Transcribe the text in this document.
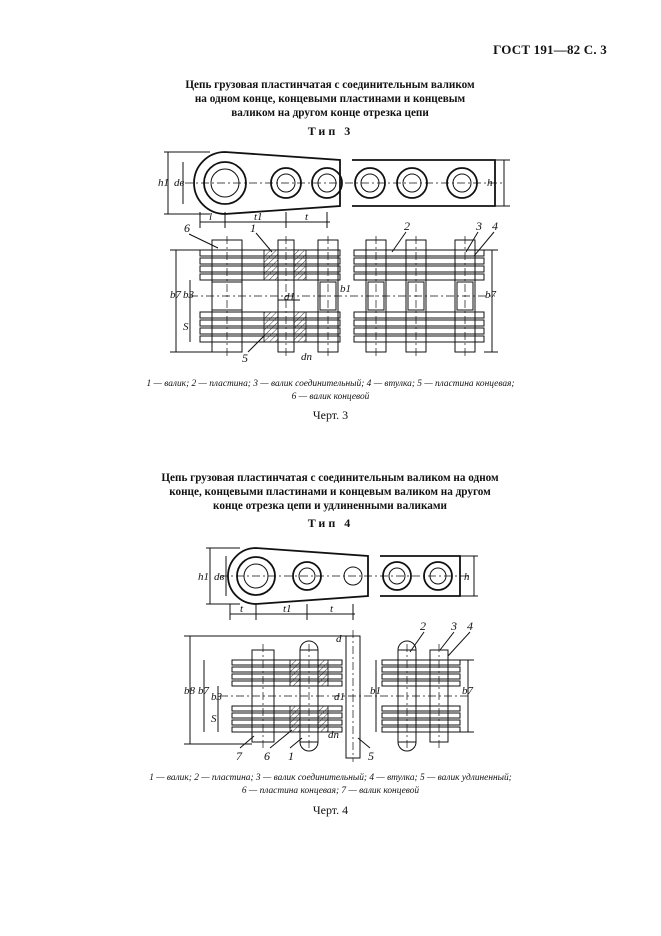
ГОСТ 191—82 С. 3
Цепь грузовая пластинчатая с соединительным валиком
на одном конце, концевыми пластинами и концевым
валиком на другом конце отрезка цепи
Тип 3
Цепь грузовая пластинчатая с соединительным валиком на одном
конце, концевыми пластинами и концевым валиком на другом
конце отрезка цепи и удлиненными валиками
Тип 4
h1 dв
l	t1	t
h
b7 b3
S
d1
b1	b7
dп
6	1	2	3 4
5
h1 dв
t	t1	t
h
b8 b7
S
b3
d
d1
dп
b1	b7
2 3 4
7 6 1	5
1 — валик; 2 — пластина; 3 — валик соединительный; 4 — втулка; 5 — пластина концевая;
6 — валик концевой
Черт. 3
1 — валик; 2 — пластина; 3 — валик соединительный; 4 — втулка; 5 — валик удлиненный;
6 — пластина концевая; 7 — валик концевой
Черт. 4
